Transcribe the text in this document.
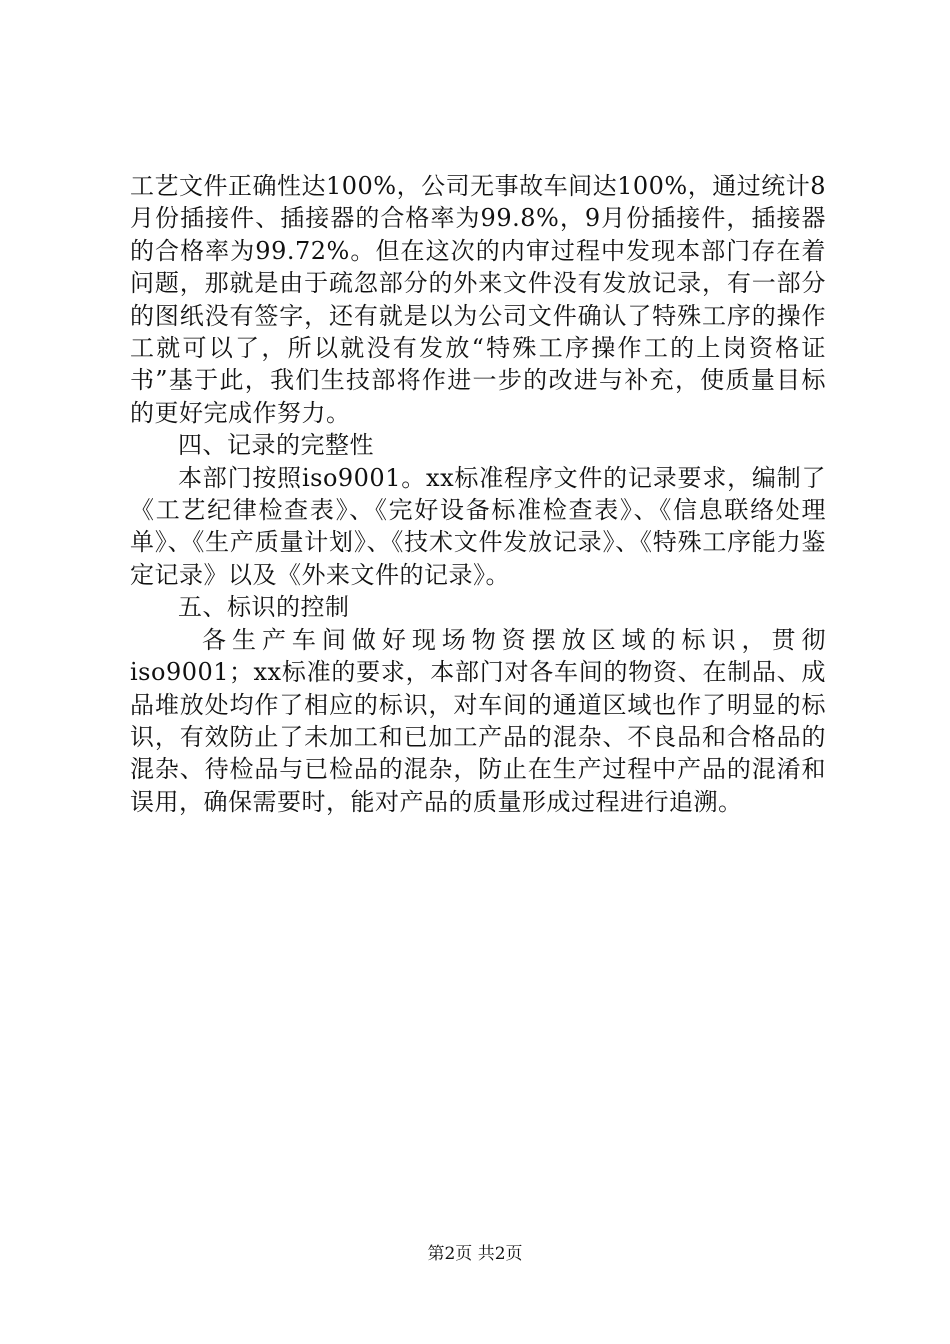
工艺文件正确性达100%，公司无事故车间达100%，通过统计8月份插接件、插接器的合格率为99.8%，9月份插接件，插接器的合格率为99.72%。但在这次的内审过程中发现本部门存在着问题，那就是由于疏忽部分的外来文件没有发放记录，有一部分的图纸没有签字，还有就是以为公司文件确认了特殊工序的操作工就可以了，所以就没有发放“特殊工序操作工的上岗资格证书”基于此，我们生技部将作进一步的改进与补充，使质量目标的更好完成作努力。

四、记录的完整性

本部门按照iso9001。xx标准程序文件的记录要求，编制了《工艺纪律检查表》、《完好设备标准检查表》、《信息联络处理单》、《生产质量计划》、《技术文件发放记录》、《特殊工序能力鉴定记录》以及《外来文件的记录》。

五、标识的控制

各生产车间做好现场物资摆放区域的标识，贯彻iso9001；xx标准的要求，本部门对各车间的物资、在制品、成品堆放处均作了相应的标识，对车间的通道区域也作了明显的标识，有效防止了未加工和已加工产品的混杂、不良品和合格品的混杂、待检品与已检品的混杂，防止在生产过程中产品的混淆和误用，确保需要时，能对产品的质量形成过程进行追溯。

第2页 共2页
